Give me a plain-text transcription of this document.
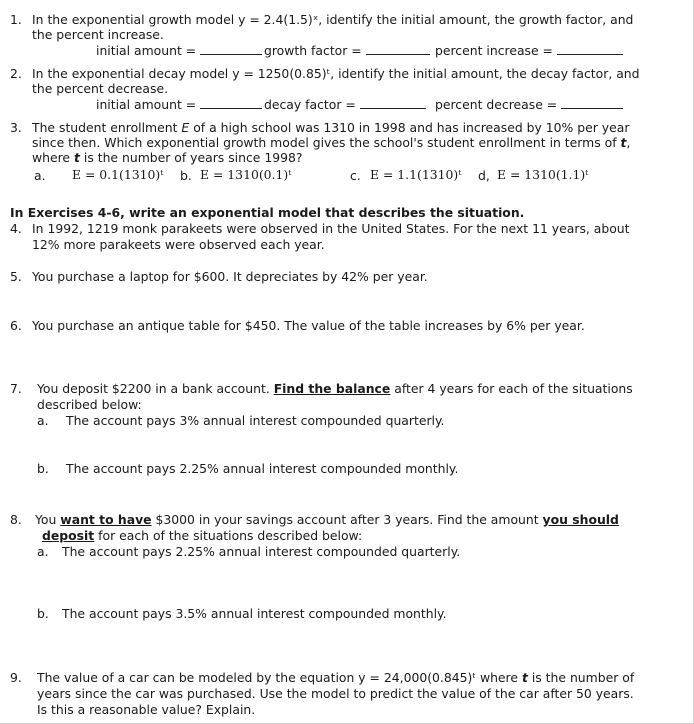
1. In the exponential growth model y = 2.4(1.5)ˣ, identify the initial amount, the growth factor, and
the percent increase.
initial amount =	growth factor =	percent increase =
2. In the exponential decay model y = 1250(0.85)ᵗ, identify the initial amount, the decay factor, and
the percent decrease.
initial amount =	decay factor =	percent decrease =
3. The student enrollment E of a high school was 1310 in 1998 and has increased by 10% per year
since then. Which exponential growth model gives the school's student enrollment in terms of t,
where t is the number of years since 1998?
a. E = 0.1(1310)ᵗ b. E = 1310(0.1)ᵗ	c. E = 1.1(1310)ᵗ d, E = 1310(1.1)ᵗ
In Exercises 4-6, write an exponential model that describes the situation.
4. In 1992, 1219 monk parakeets were observed in the United States. For the next 11 years, about
12% more parakeets were observed each year.
5. You purchase a laptop for $600. It depreciates by 42% per year.
6. You purchase an antique table for $450. The value of the table increases by 6% per year.
7. You deposit $2200 in a bank account. Find the balance after 4 years for each of the situations
described below:
a. The account pays 3% annual interest compounded quarterly.
b. The account pays 2.25% annual interest compounded monthly.
8. You want to have $3000 in your savings account after 3 years. Find the amount you should
deposit for each of the situations described below:
a. The account pays 2.25% annual interest compounded quarterly.
b. The account pays 3.5% annual interest compounded monthly.
9. The value of a car can be modeled by the equation y = 24,000(0.845)ᵗ where t is the number of
years since the car was purchased. Use the model to predict the value of the car after 50 years.
Is this a reasonable value? Explain.
